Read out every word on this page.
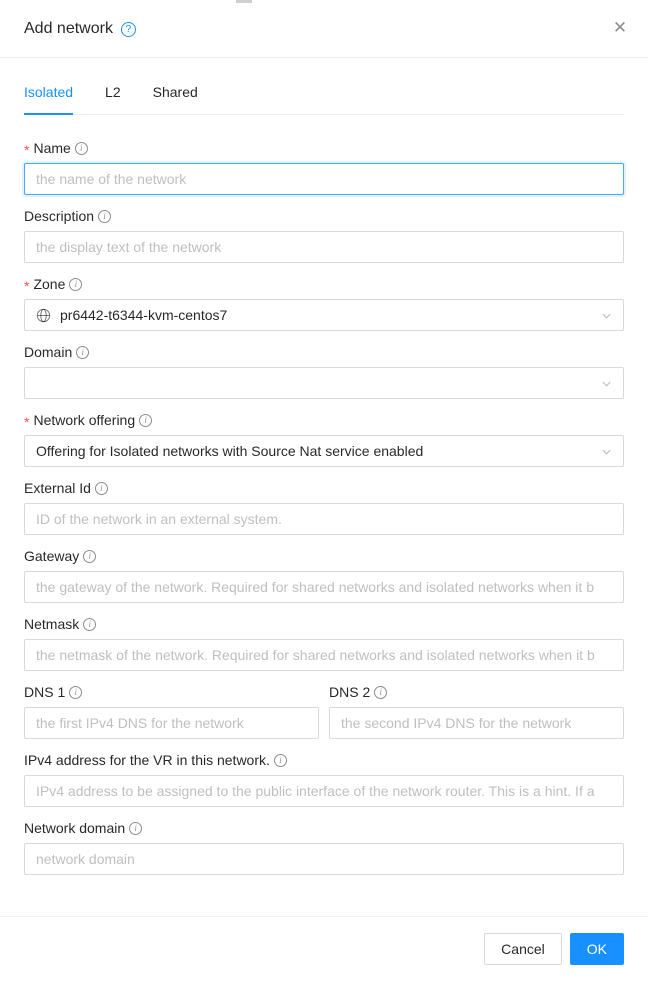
Add network	?	✕
Isolated L2 Shared
* Name	i
the name of the network
Description	i
the display text of the network
* Zone	i
pr6442-t6344-kvm-centos7
Domain	i
* Network offering	i
Offering for Isolated networks with Source Nat service enabled
External Id	i
ID of the network in an external system.
Gateway	i
the gateway of the network. Required for shared networks and isolated networks when it b
Netmask	i
the netmask of the network. Required for shared networks and isolated networks when it b
DNS 1	i
the first IPv4 DNS for the network	DNS 2	i
the second IPv4 DNS for the network
IPv4 address for the VR in this network.	i
IPv4 address to be assigned to the public interface of the network router. This is a hint. If a
Network domain	i
network domain
Cancel	OK
